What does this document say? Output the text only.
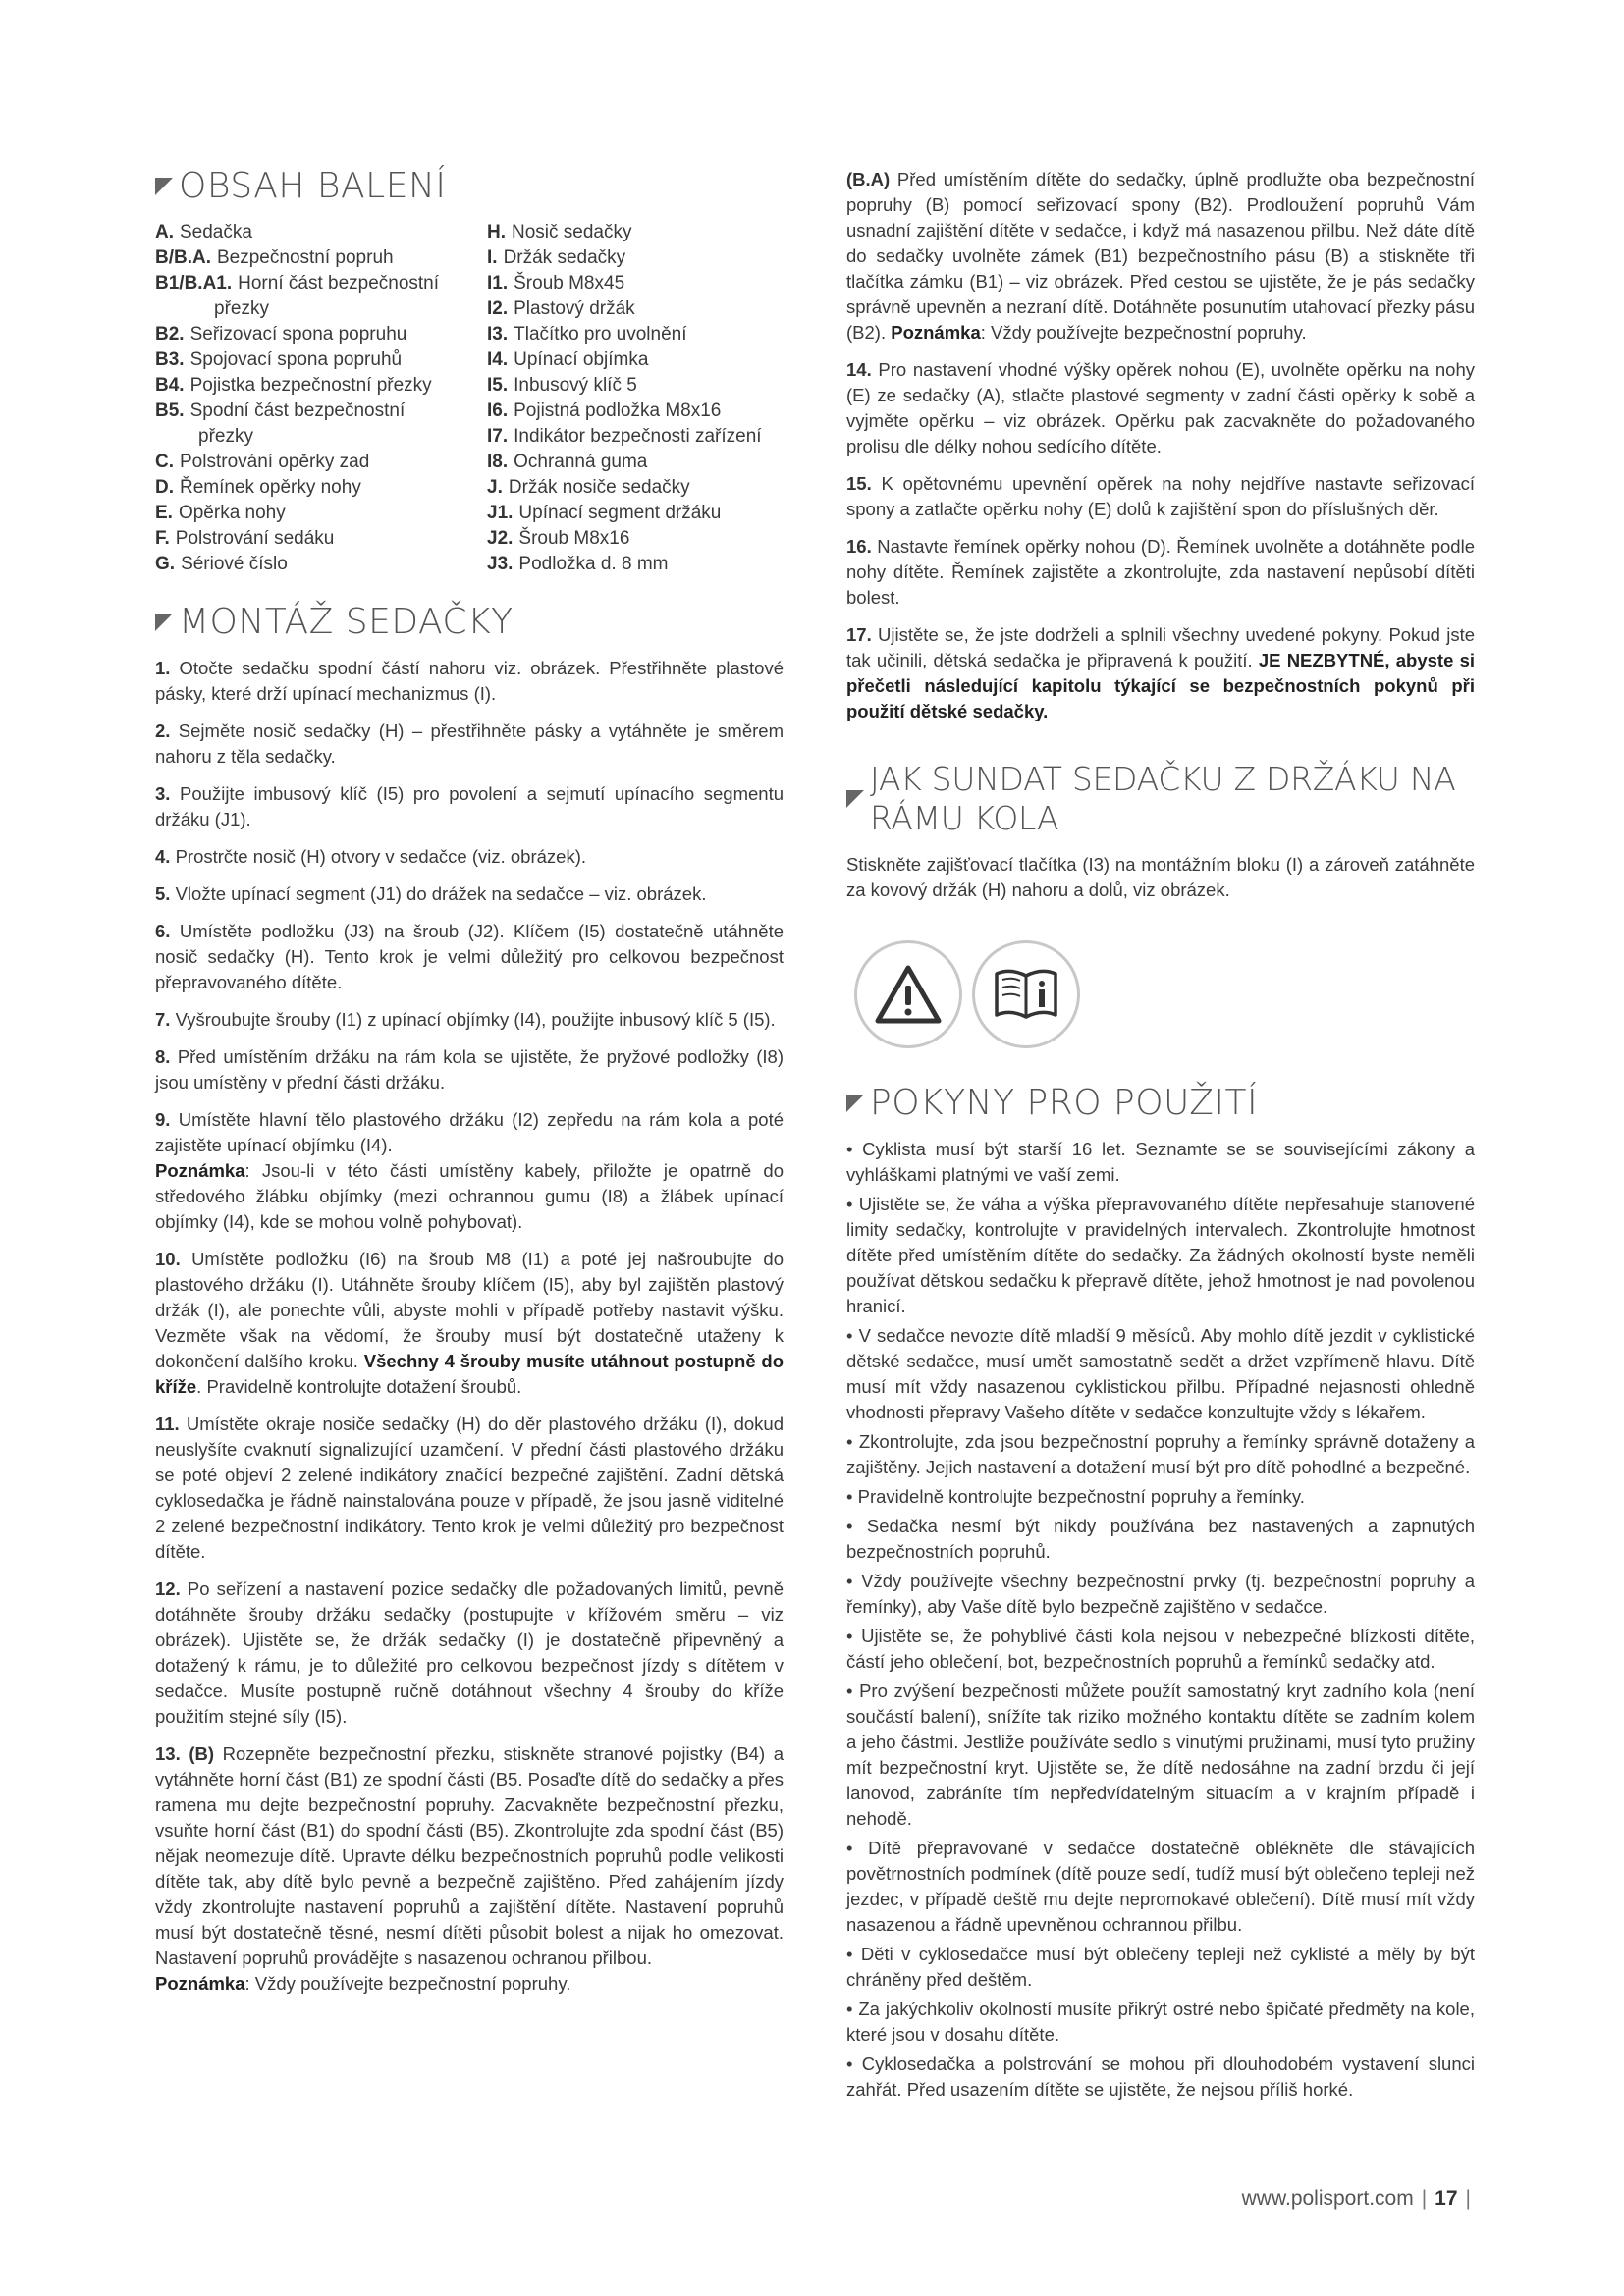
OBSAH BALENÍ
A. Sedačka
B/B.A. Bezpečnostní popruh
B1/B.A1. Horní část bezpečnostní
přezky
B2. Seřizovací spona popruhu
B3. Spojovací spona popruhů
B4. Pojistka bezpečnostní přezky
B5. Spodní část bezpečnostní
přezky
C. Polstrování opěrky zad
D. Řemínek opěrky nohy
E. Opěrka nohy
F. Polstrování sedáku
G. Sériové číslo
H. Nosič sedačky
I. Držák sedačky
I1. Šroub M8x45
I2. Plastový držák
I3. Tlačítko pro uvolnění
I4. Upínací objímka
I5. Inbusový klíč 5
I6. Pojistná podložka M8x16
I7. Indikátor bezpečnosti zařízení
I8. Ochranná guma
J. Držák nosiče sedačky
J1. Upínací segment držáku
J2. Šroub M8x16
J3. Podložka d. 8 mm
MONTÁŽ SEDAČKY

1. Otočte sedačku spodní částí nahoru viz. obrázek. Přestřihněte plastové pásky, které drží upínací mechanizmus (I).

2. Sejměte nosič sedačky (H) – přestřihněte pásky a vytáhněte je směrem nahoru z těla sedačky.

3. Použijte imbusový klíč (I5) pro povolení a sejmutí upínacího segmentu držáku (J1).

4. Prostrčte nosič (H) otvory v sedačce (viz. obrázek).

5. Vložte upínací segment (J1) do drážek na sedačce – viz. obrázek.

6. Umístěte podložku (J3) na šroub (J2). Klíčem (I5) dostatečně utáhněte nosič sedačky (H). Tento krok je velmi důležitý pro celkovou bezpečnost přepravovaného dítěte.

7. Vyšroubujte šrouby (I1) z upínací objímky (I4), použijte inbusový klíč 5 (I5).

8. Před umístěním držáku na rám kola se ujistěte, že pryžové podložky (I8) jsou umístěny v přední části držáku.

9. Umístěte hlavní tělo plastového držáku (I2) zepředu na rám kola a poté zajistěte upínací objímku (I4).
Poznámka: Jsou-li v této části umístěny kabely, přiložte je opatrně do středového žlábku objímky (mezi ochrannou gumu (I8) a žlábek upínací objímky (I4), kde se mohou volně pohybovat).

10. Umístěte podložku (I6) na šroub M8 (I1) a poté jej našroubujte do plastového držáku (I). Utáhněte šrouby klíčem (I5), aby byl zajištěn plastový držák (I), ale ponechte vůli, abyste mohli v případě potřeby nastavit výšku. Vezměte však na vědomí, že šrouby musí být dostatečně utaženy k dokončení dalšího kroku. Všechny 4 šrouby musíte utáhnout postupně do kříže. Pravidelně kontrolujte dotažení šroubů.

11. Umístěte okraje nosiče sedačky (H) do děr plastového držáku (I), dokud neuslyšíte cvaknutí signalizující uzamčení. V přední části plastového držáku se poté objeví 2 zelené indikátory značící bezpečné zajištění. Zadní dětská cyklosedačka je řádně nainstalována pouze v případě, že jsou jasně viditelné 2 zelené bezpečnostní indikátory. Tento krok je velmi důležitý pro bezpečnost dítěte.

12. Po seřízení a nastavení pozice sedačky dle požadovaných limitů, pevně dotáhněte šrouby držáku sedačky (postupujte v křížovém směru – viz obrázek). Ujistěte se, že držák sedačky (I) je dostatečně připevněný a dotažený k rámu, je to důležité pro celkovou bezpečnost jízdy s dítětem v sedačce. Musíte postupně ručně dotáhnout všechny 4 šrouby do kříže použitím stejné síly (I5).

13. (B) Rozepněte bezpečnostní přezku, stiskněte stranové pojistky (B4) a vytáhněte horní část (B1) ze spodní části (B5. Posaďte dítě do sedačky a přes ramena mu dejte bezpečnostní popruhy. Zacvakněte bezpečnostní přezku, vsuňte horní část (B1) do spodní části (B5). Zkontrolujte zda spodní část (B5) nějak neomezuje dítě. Upravte délku bezpečnostních popruhů podle velikosti dítěte tak, aby dítě bylo pevně a bezpečně zajištěno. Před zahájením jízdy vždy zkontrolujte nastavení popruhů a zajištění dítěte. Nastavení popruhů musí být dostatečně těsné, nesmí dítěti působit bolest a nijak ho omezovat. Nastavení popruhů provádějte s nasazenou ochranou přilbou.
Poznámka: Vždy používejte bezpečnostní popruhy.

(B.A) Před umístěním dítěte do sedačky, úplně prodlužte oba bezpečnostní popruhy (B) pomocí seřizovací spony (B2). Prodloužení popruhů Vám usnadní zajištění dítěte v sedačce, i když má nasazenou přilbu. Než dáte dítě do sedačky uvolněte zámek (B1) bezpečnostního pásu (B) a stiskněte tři tlačítka zámku (B1) – viz obrázek. Před cestou se ujistěte, že je pás sedačky správně upevněn a nezraní dítě. Dotáhněte posunutím utahovací přezky pásu (B2). Poznámka: Vždy používejte bezpečnostní popruhy.

14. Pro nastavení vhodné výšky opěrek nohou (E), uvolněte opěrku na nohy (E) ze sedačky (A), stlačte plastové segmenty v zadní části opěrky k sobě a vyjměte opěrku – viz obrázek. Opěrku pak zacvakněte do požadovaného prolisu dle délky nohou sedícího dítěte.

15. K opětovnému upevnění opěrek na nohy nejdříve nastavte seřizovací spony a zatlačte opěrku nohy (E) dolů k zajištění spon do příslušných děr.

16. Nastavte řemínek opěrky nohou (D). Řemínek uvolněte a dotáhněte podle nohy dítěte. Řemínek zajistěte a zkontrolujte, zda nastavení nepůsobí dítěti bolest.

17. Ujistěte se, že jste dodrželi a splnili všechny uvedené pokyny. Pokud jste tak učinili, dětská sedačka je připravená k použití. JE NEZBYTNÉ, abyste si přečetli následující kapitolu týkající se bezpečnostních pokynů při použití dětské sedačky.

JAK SUNDAT SEDAČKU Z DRŽÁKU NA RÁMU KOLA

Stiskněte zajišťovací tlačítka (I3) na montážním bloku (I) a zároveň zatáhněte za kovový držák (H) nahoru a dolů, viz obrázek.

POKYNY PRO POUŽITÍ

• Cyklista musí být starší 16 let. Seznamte se se souvisejícími zákony a vyhláškami platnými ve vaší zemi.

• Ujistěte se, že váha a výška přepravovaného dítěte nepřesahuje stanovené limity sedačky, kontrolujte v pravidelných intervalech. Zkontrolujte hmotnost dítěte před umístěním dítěte do sedačky. Za žádných okolností byste neměli používat dětskou sedačku k přepravě dítěte, jehož hmotnost je nad povolenou hranicí.

• V sedačce nevozte dítě mladší 9 měsíců. Aby mohlo dítě jezdit v cyklistické dětské sedačce, musí umět samostatně sedět a držet vzpřímeně hlavu. Dítě musí mít vždy nasazenou cyklistickou přilbu. Případné nejasnosti ohledně vhodnosti přepravy Vašeho dítěte v sedačce konzultujte vždy s lékařem.

• Zkontrolujte, zda jsou bezpečnostní popruhy a řemínky správně dotaženy a zajištěny. Jejich nastavení a dotažení musí být pro dítě pohodlné a bezpečné.

• Pravidelně kontrolujte bezpečnostní popruhy a řemínky.

• Sedačka nesmí být nikdy používána bez nastavených a zapnutých bezpečnostních popruhů.

• Vždy používejte všechny bezpečnostní prvky (tj. bezpečnostní popruhy a řemínky), aby Vaše dítě bylo bezpečně zajištěno v sedačce.

• Ujistěte se, že pohyblivé části kola nejsou v nebezpečné blízkosti dítěte, částí jeho oblečení, bot, bezpečnostních popruhů a řemínků sedačky atd.

• Pro zvýšení bezpečnosti můžete použít samostatný kryt zadního kola (není součástí balení), snížíte tak riziko možného kontaktu dítěte se zadním kolem a jeho částmi. Jestliže používáte sedlo s vinutými pružinami, musí tyto pružiny mít bezpečnostní kryt. Ujistěte se, že dítě nedosáhne na zadní brzdu či její lanovod, zabráníte tím nepředvídatelným situacím a v krajním případě i nehodě.

• Dítě přepravované v sedačce dostatečně oblékněte dle stávajících povětrnostních podmínek (dítě pouze sedí, tudíž musí být oblečeno tepleji než jezdec, v případě deště mu dejte nepromokavé oblečení). Dítě musí mít vždy nasazenou a řádně upevněnou ochrannou přilbu.

• Děti v cyklosedačce musí být oblečeny tepleji než cyklisté a měly by být chráněny před deštěm.

• Za jakýchkoliv okolností musíte přikrýt ostré nebo špičaté předměty na kole, které jsou v dosahu dítěte.

• Cyklosedačka a polstrování se mohou při dlouhodobém vystavení slunci zahřát. Před usazením dítěte se ujistěte, že nejsou příliš horké.

www.polisport.com | 17 |
